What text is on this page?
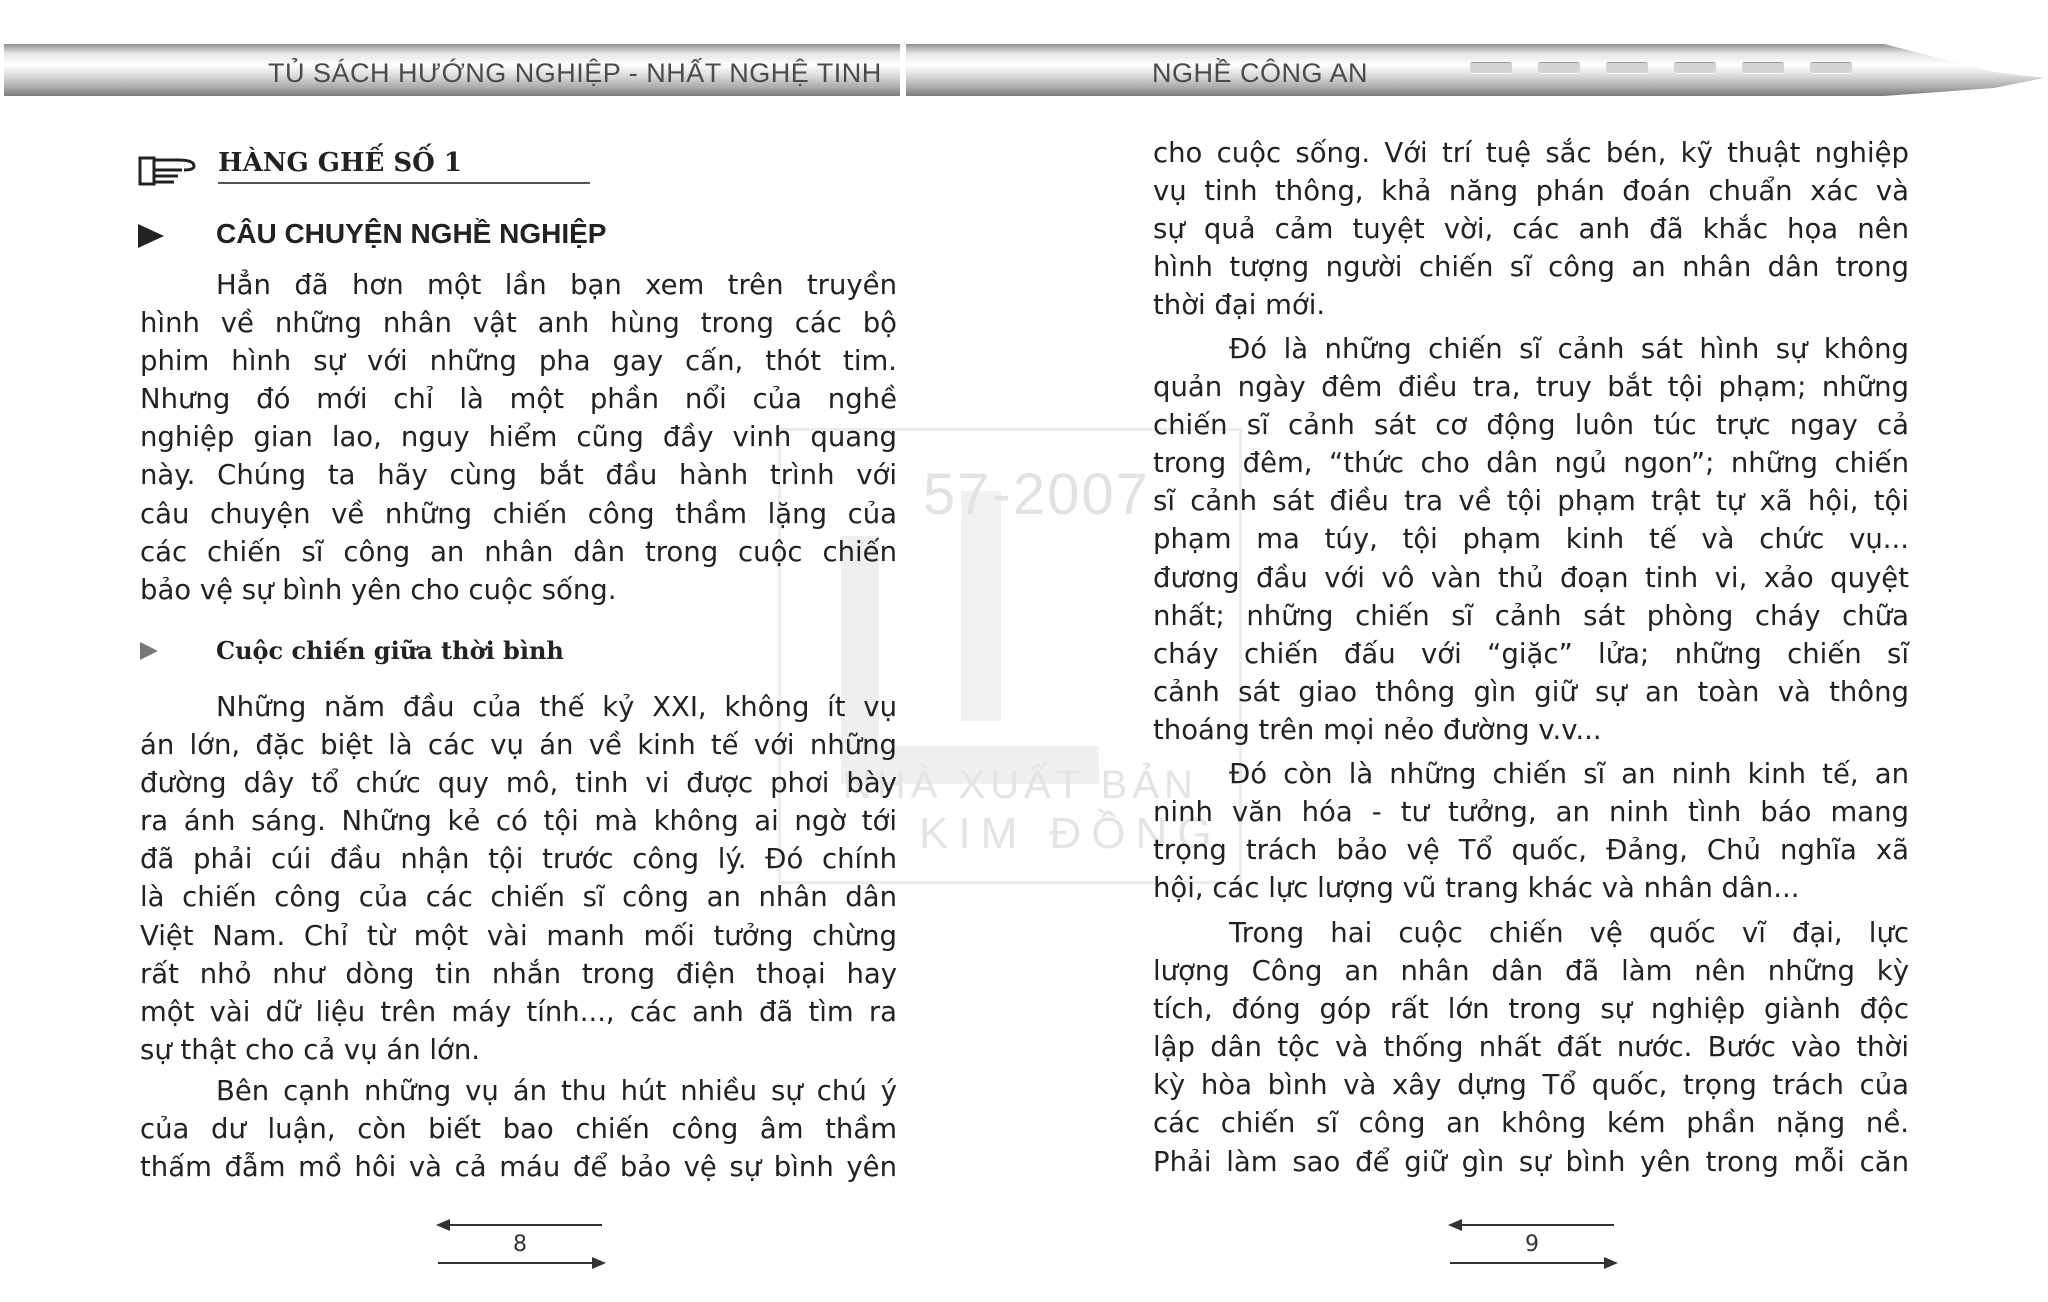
TỦ SÁCH HƯỚNG NGHIỆP - NHẤT NGHỆ TINH	NGHỀ CÔNG AN
57-2007
NHÀ XUẤT BẢN
KIM ĐỒNG
HÀNG GHẾ SỐ 1
CÂU CHUYỆN NGHỀ NGHIỆP
Hẳn đã hơn một lần bạn xem trên truyền
hình về những nhân vật anh hùng trong các bộ
phim hình sự với những pha gay cấn, thót tim.
Nhưng đó mới chỉ là một phần nổi của nghề
nghiệp gian lao, nguy hiểm cũng đầy vinh quang
này. Chúng ta hãy cùng bắt đầu hành trình với
câu chuyện về những chiến công thầm lặng của
các chiến sĩ công an nhân dân trong cuộc chiến
bảo vệ sự bình yên cho cuộc sống.
Cuộc chiến giữa thời bình
Những năm đầu của thế kỷ XXI, không ít vụ
án lớn, đặc biệt là các vụ án về kinh tế với những
đường dây tổ chức quy mô, tinh vi được phơi bày
ra ánh sáng. Những kẻ có tội mà không ai ngờ tới
đã phải cúi đầu nhận tội trước công lý. Đó chính
là chiến công của các chiến sĩ công an nhân dân
Việt Nam. Chỉ từ một vài manh mối tưởng chừng
rất nhỏ như dòng tin nhắn trong điện thoại hay
một vài dữ liệu trên máy tính..., các anh đã tìm ra
sự thật cho cả vụ án lớn.
Bên cạnh những vụ án thu hút nhiều sự chú ý
của dư luận, còn biết bao chiến công âm thầm
thấm đẫm mồ hôi và cả máu để bảo vệ sự bình yên
8
cho cuộc sống. Với trí tuệ sắc bén, kỹ thuật nghiệp
vụ tinh thông, khả năng phán đoán chuẩn xác và
sự quả cảm tuyệt vời, các anh đã khắc họa nên
hình tượng người chiến sĩ công an nhân dân trong
thời đại mới.
Đó là những chiến sĩ cảnh sát hình sự không
quản ngày đêm điều tra, truy bắt tội phạm; những
chiến sĩ cảnh sát cơ động luôn túc trực ngay cả
trong đêm, “thức cho dân ngủ ngon”; những chiến
sĩ cảnh sát điều tra về tội phạm trật tự xã hội, tội
phạm ma túy, tội phạm kinh tế và chức vụ...
đương đầu với vô vàn thủ đoạn tinh vi, xảo quyệt
nhất; những chiến sĩ cảnh sát phòng cháy chữa
cháy chiến đấu với “giặc” lửa; những chiến sĩ
cảnh sát giao thông gìn giữ sự an toàn và thông
thoáng trên mọi nẻo đường v.v...
Đó còn là những chiến sĩ an ninh kinh tế, an
ninh văn hóa - tư tưởng, an ninh tình báo mang
trọng trách bảo vệ Tổ quốc, Đảng, Chủ nghĩa xã
hội, các lực lượng vũ trang khác và nhân dân...
Trong hai cuộc chiến vệ quốc vĩ đại, lực
lượng Công an nhân dân đã làm nên những kỳ
tích, đóng góp rất lớn trong sự nghiệp giành độc
lập dân tộc và thống nhất đất nước. Bước vào thời
kỳ hòa bình và xây dựng Tổ quốc, trọng trách của
các chiến sĩ công an không kém phần nặng nề.
Phải làm sao để giữ gìn sự bình yên trong mỗi căn
9
